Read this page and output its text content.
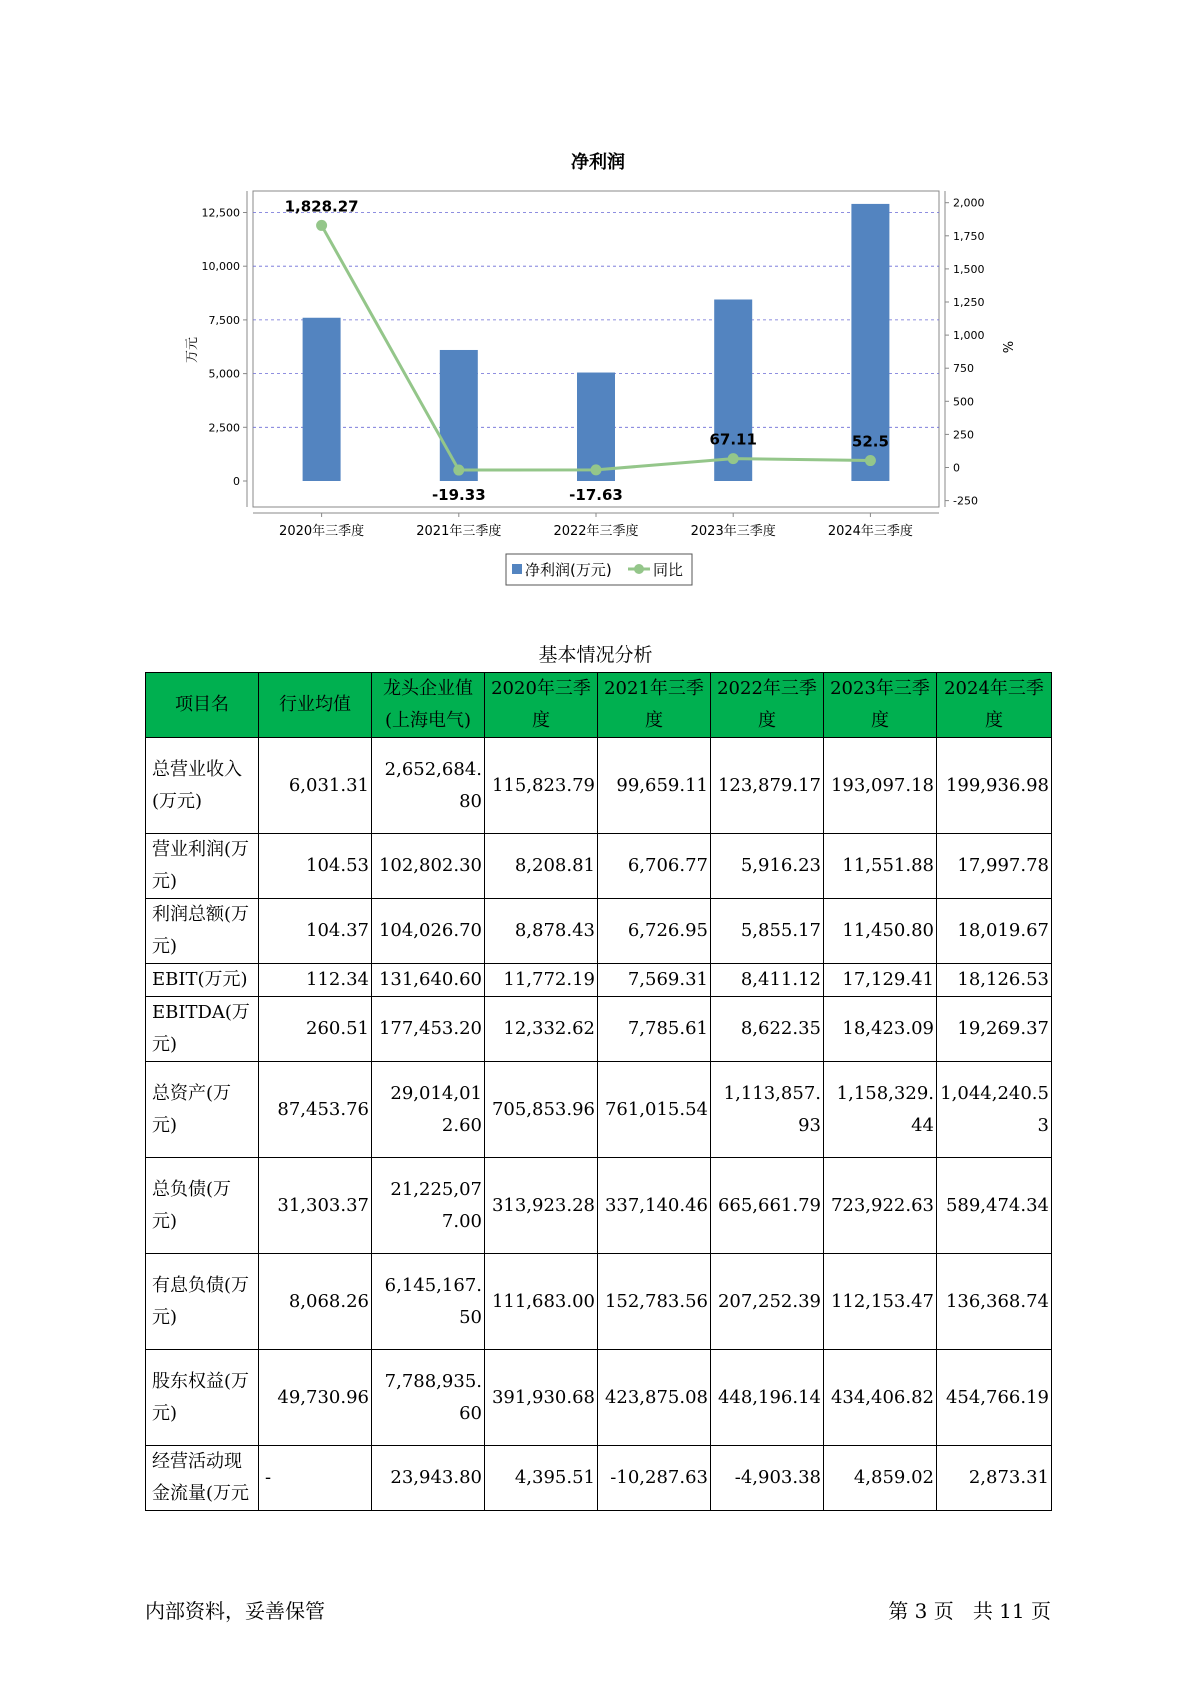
净利润
0
2,500
5,000
7,500
10,000
12,500
-250
0
250
500
750
1,000
1,250
1,500
1,750
2,000
2020年三季度	2021年三季度	2022年三季度	2023年三季度	2024年三季度
1,828.27
-19.33	-17.63
67.11	52.5
万元	%
净利润(万元)	同比
基本情况分析
项目名	行业均值	龙头企业值(上海电气)	2020年三季度	2021年三季度	2022年三季度	2023年三季度	2024年三季度
总营业收入(万元)	6,031.31	2,652,684.80	115,823.79	99,659.11	123,879.17	193,097.18	199,936.98
营业利润(万元)	104.53	102,802.30	8,208.81	6,706.77	5,916.23	11,551.88	17,997.78
利润总额(万元)	104.37	104,026.70	8,878.43	6,726.95	5,855.17	11,450.80	18,019.67
EBIT(万元)	112.34	131,640.60	11,772.19	7,569.31	8,411.12	17,129.41	18,126.53
EBITDA(万元)	260.51	177,453.20	12,332.62	7,785.61	8,622.35	18,423.09	19,269.37
总资产(万元)	87,453.76	29,014,012.60	705,853.96	761,015.54	1,113,857.93	1,158,329.44	1,044,240.53
总负债(万元)	31,303.37	21,225,077.00	313,923.28	337,140.46	665,661.79	723,922.63	589,474.34
有息负债(万元)	8,068.26	6,145,167.50	111,683.00	152,783.56	207,252.39	112,153.47	136,368.74
股东权益(万元)	49,730.96	7,788,935.60	391,930.68	423,875.08	448,196.14	434,406.82	454,766.19
经营活动现金流量(万元	-	23,943.80	4,395.51	-10,287.63	-4,903.38	4,859.02	2,873.31
内部资料，妥善保管	第 3 页   共 11 页
